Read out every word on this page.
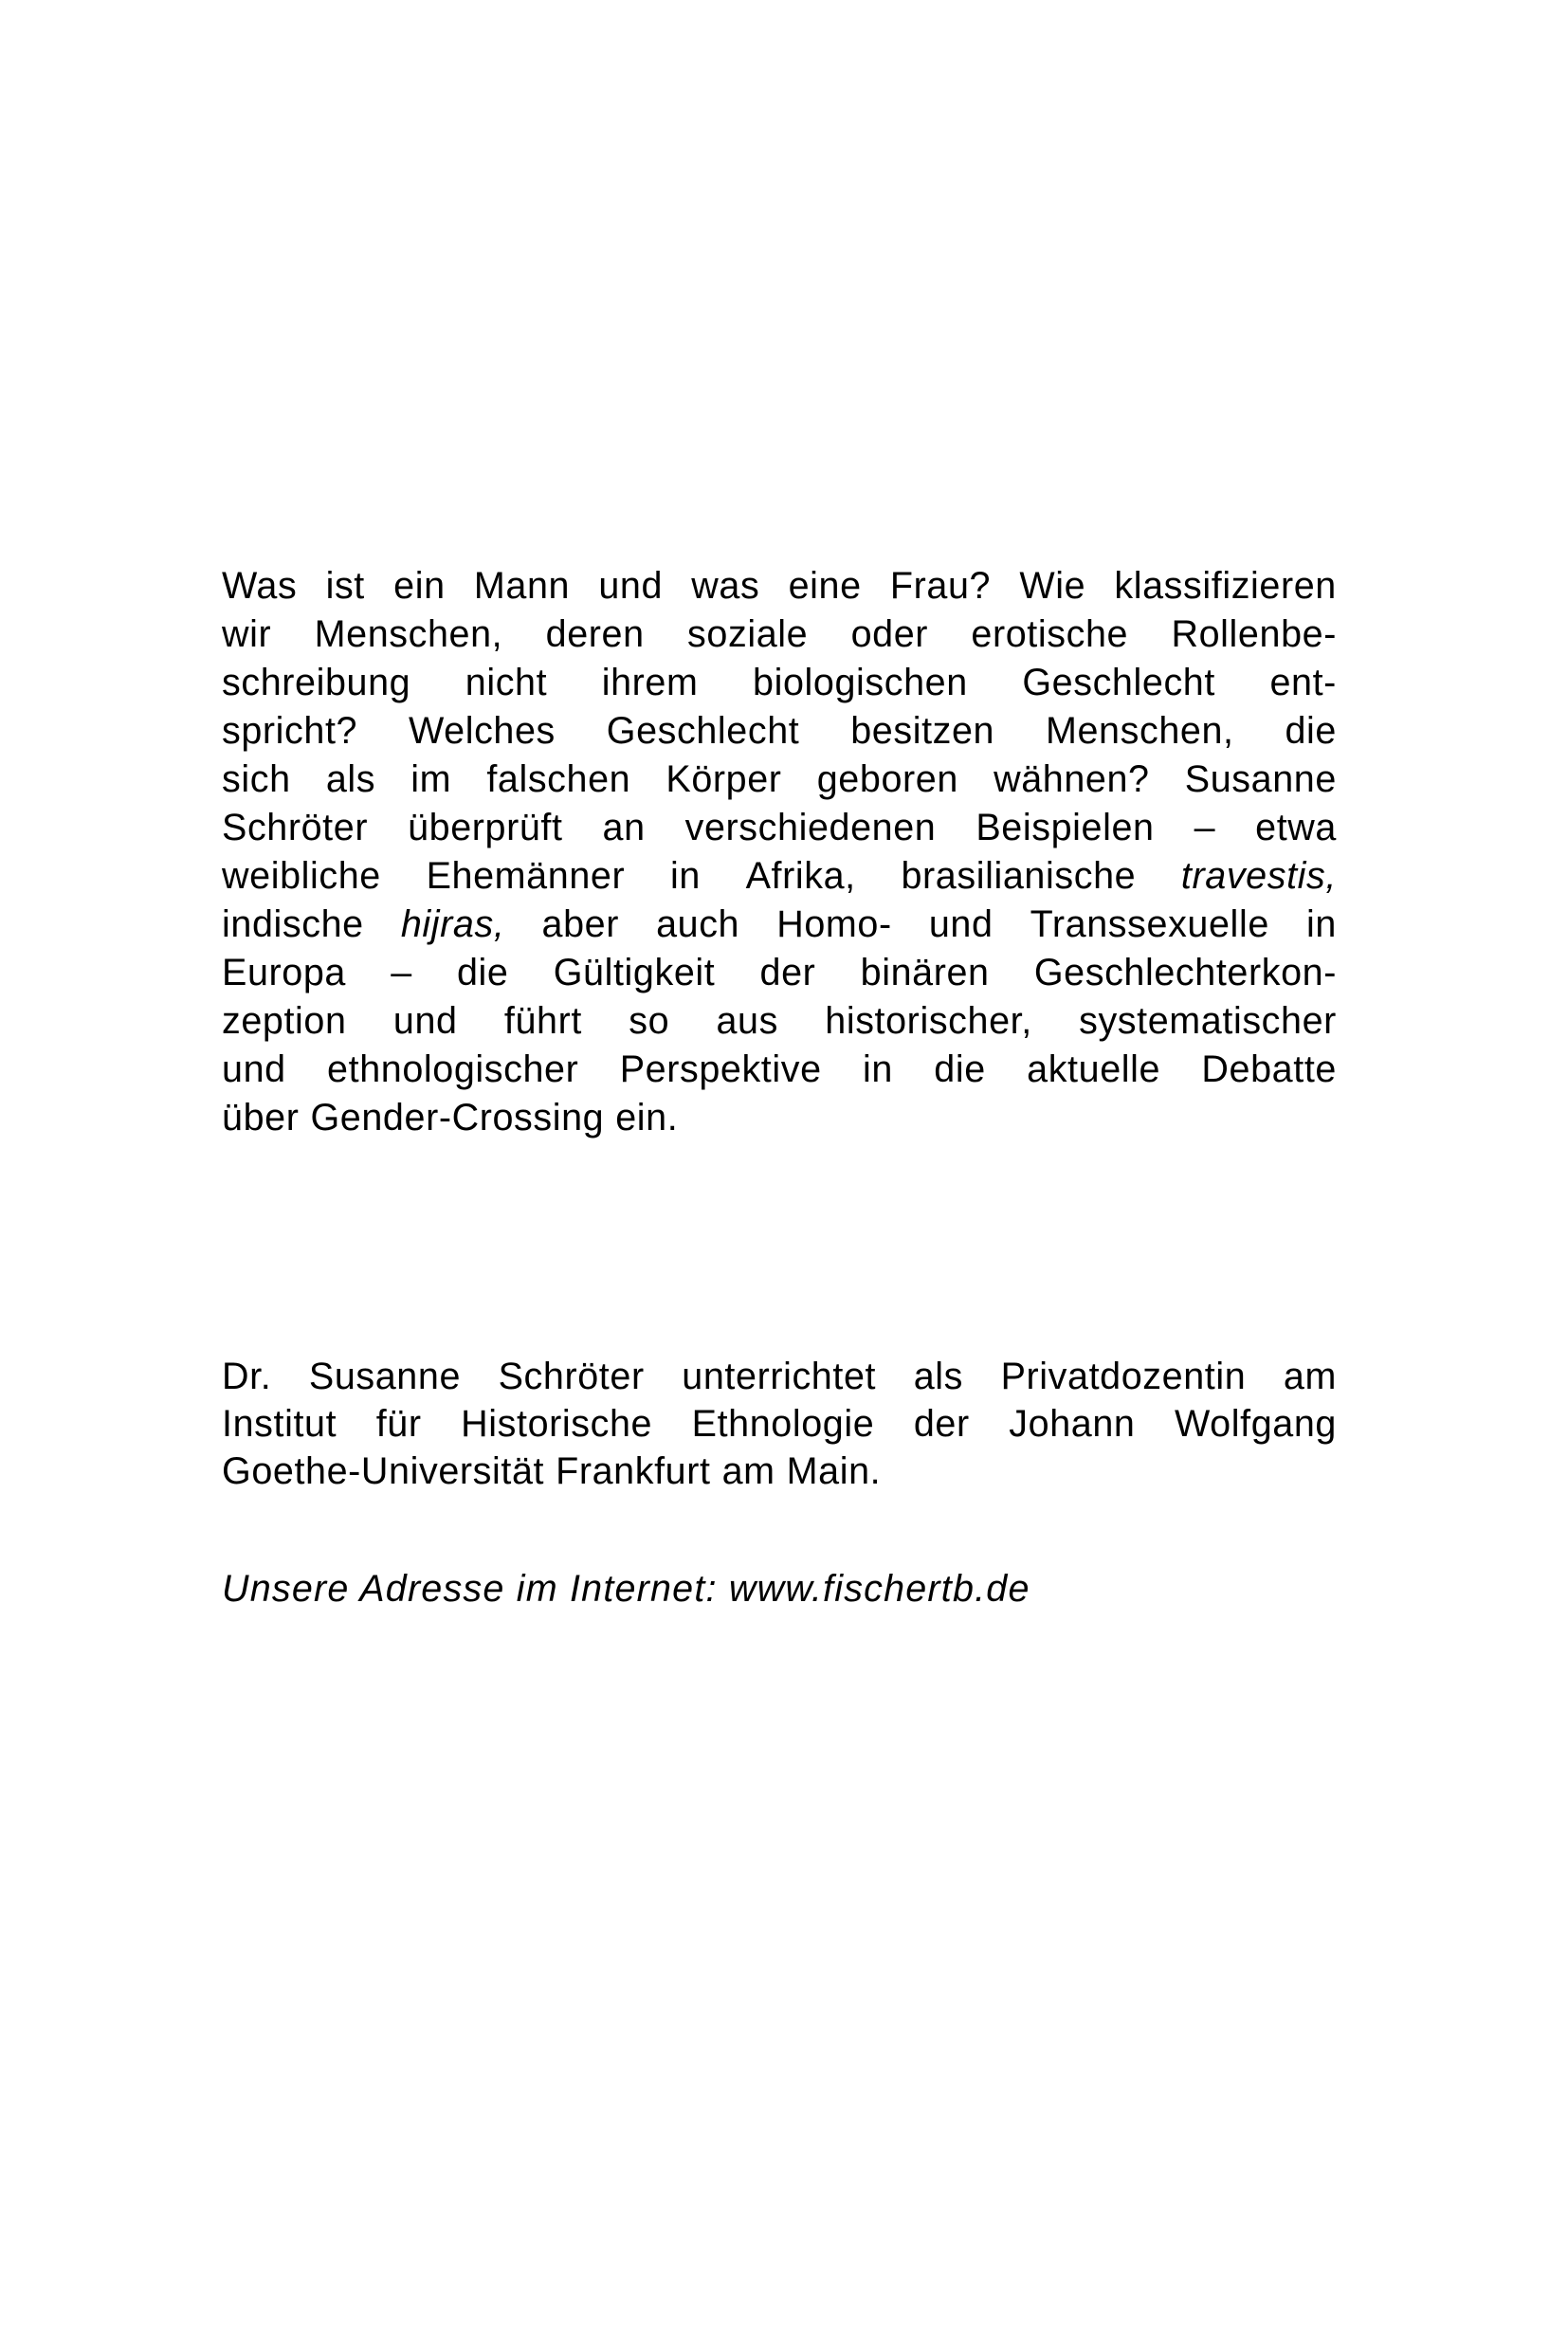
Was ist ein Mann und was eine Frau? Wie klassifizieren
wir Menschen, deren soziale oder erotische Rollenbe-
schreibung nicht ihrem biologischen Geschlecht ent-
spricht? Welches Geschlecht besitzen Menschen, die
sich als im falschen Körper geboren wähnen? Susanne
Schröter überprüft an verschiedenen Beispielen – etwa
weibliche Ehemänner in Afrika, brasilianische travestis,
indische hijras, aber auch Homo- und Transsexuelle in
Europa – die Gültigkeit der binären Geschlechterkon-
zeption und führt so aus historischer, systematischer
und ethnologischer Perspektive in die aktuelle Debatte
über Gender-Crossing ein.
Dr. Susanne Schröter unterrichtet als Privatdozentin am
Institut für Historische Ethnologie der Johann Wolfgang
Goethe-Universität Frankfurt am Main.
Unsere Adresse im Internet: www.fischertb.de
